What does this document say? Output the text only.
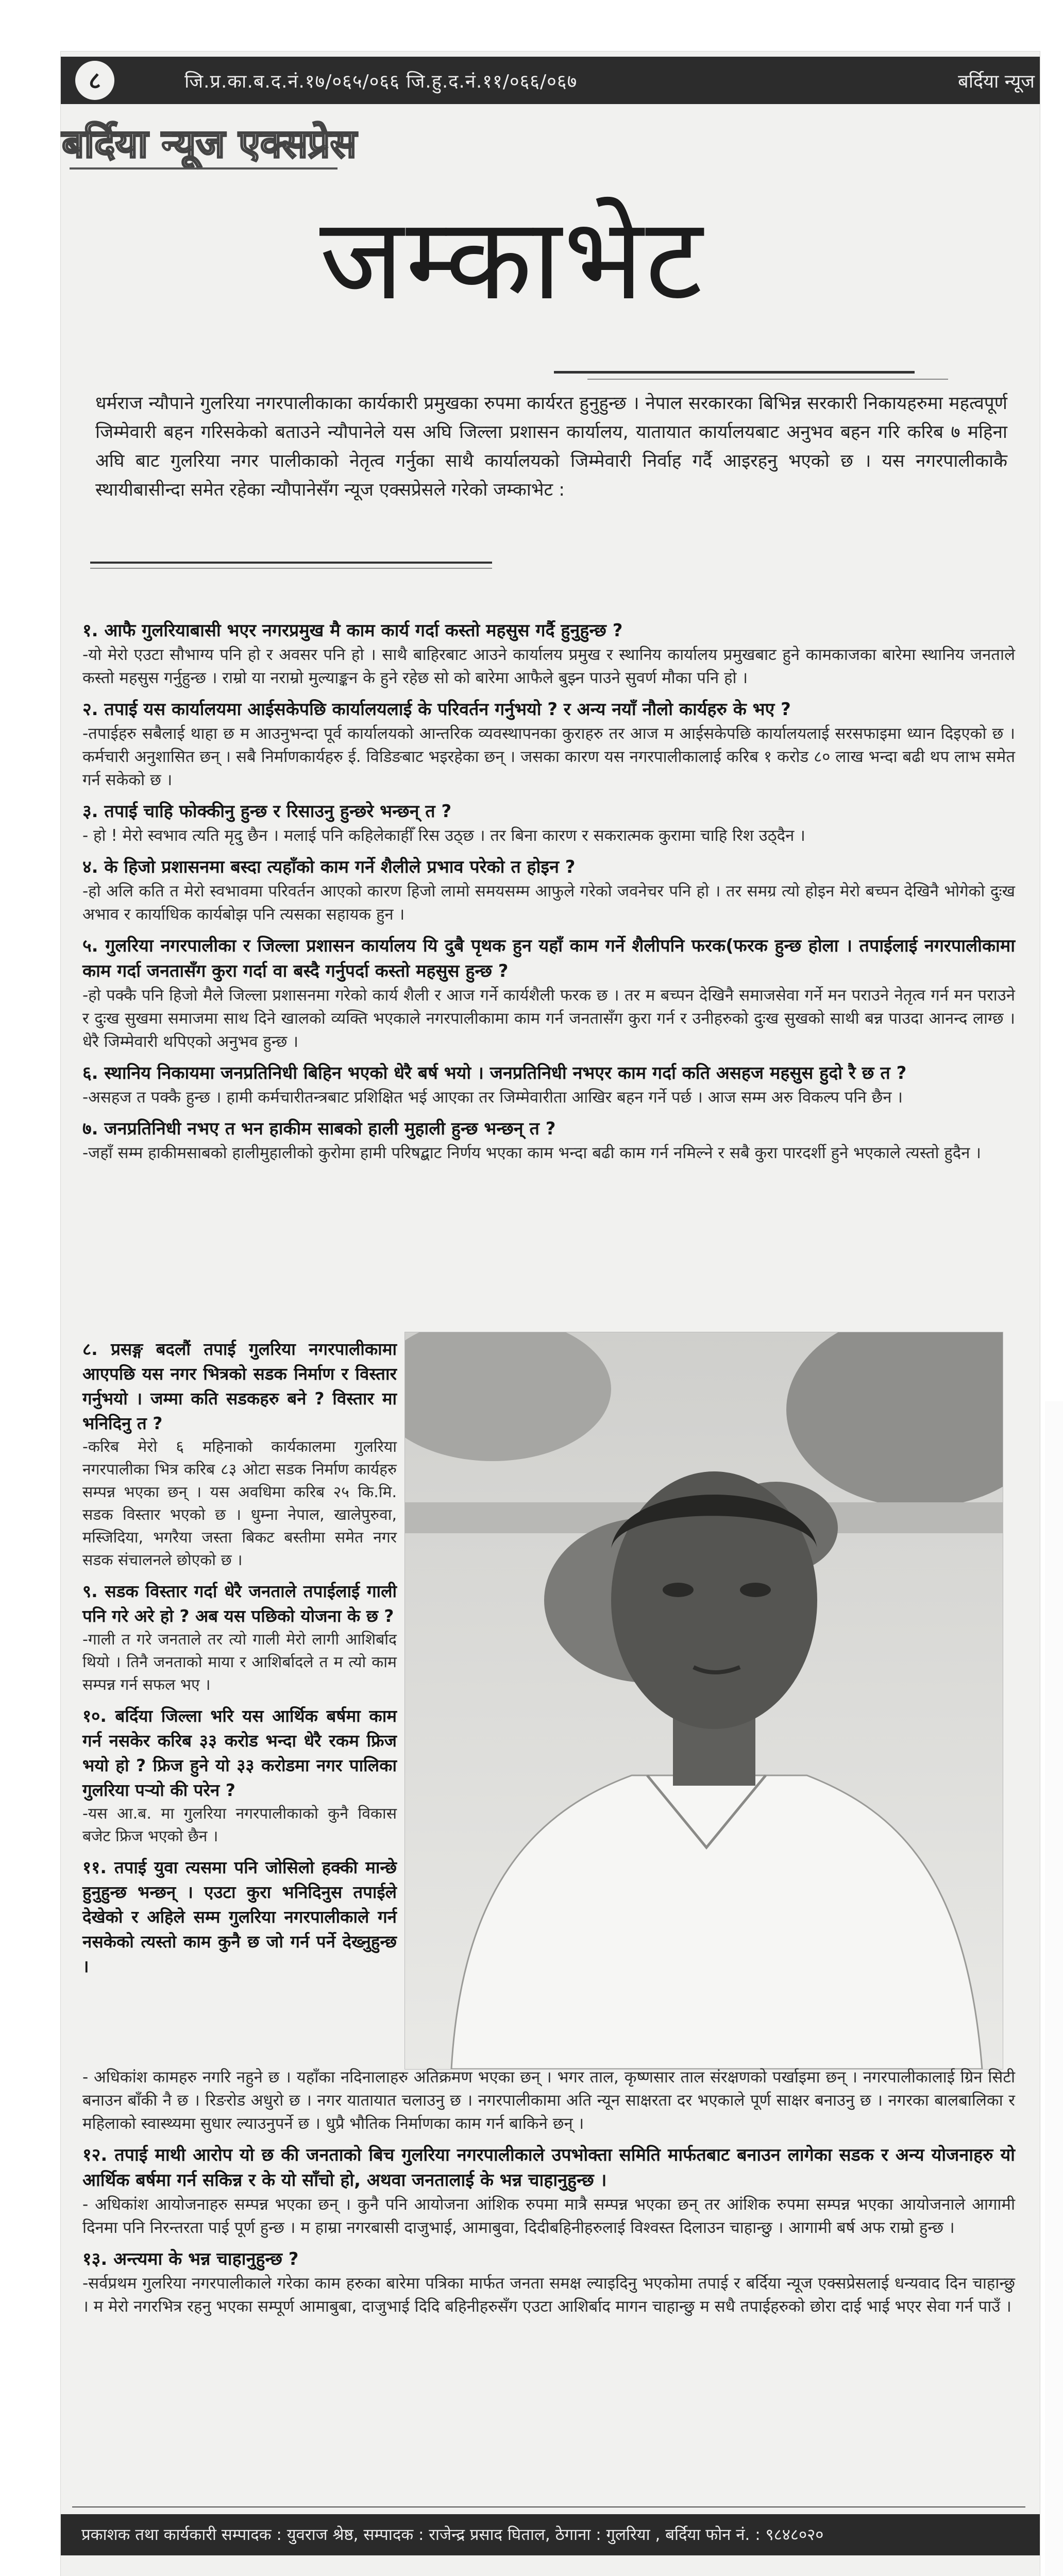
८	जि.प्र.का.ब.द.नं.१७/०६५/०६६ जि.हु.द.नं.११/०६६/०६७	बर्दिया न्यूज
बर्दिया न्यूज एक्सप्रेस
जम्काभेट
धर्मराज न्यौपाने गुलरिया नगरपालीकाका कार्यकारी प्रमुखका रुपमा कार्यरत हुनुहुन्छ । नेपाल सरकारका बिभिन्न सरकारी निकायहरुमा महत्वपूर्ण जिम्मेवारी बहन गरिसकेको बताउने न्यौपानेले यस अघि जिल्ला प्रशासन कार्यालय, यातायात कार्यालयबाट अनुभव बहन गरि करिब ७ महिना अघि बाट गुलरिया नगर पालीकाको नेतृत्व गर्नुका साथै कार्यालयको जिम्मेवारी निर्वाह गर्दै आइरहनु भएको छ । यस नगरपालीकाकै स्थायीबासीन्दा समेत रहेका न्यौपानेसँग न्यूज एक्सप्रेसले गरेको जम्काभेट :

१. आफै गुलरियाबासी भएर नगरप्रमुख मै काम कार्य गर्दा कस्तो महसुस गर्दै हुनुहुन्छ ?

-यो मेरो एउटा सौभाग्य पनि हो र अवसर पनि हो । साथै बाहिरबाट आउने कार्यालय प्रमुख र स्थानिय कार्यालय प्रमुखबाट हुने कामकाजका बारेमा स्थानिय जनताले कस्तो महसुस गर्नुहुन्छ । राम्रो या नराम्रो मुल्याङ्कन के हुने रहेछ सो को बारेमा आफैले बुझ्न पाउने सुवर्ण मौका पनि हो ।

२. तपाई यस कार्यालयमा आईसकेपछि कार्यालयलाई के परिवर्तन गर्नुभयो ? र अन्य नयाँ नौलो कार्यहरु के भए ?

-तपाईहरु सबैलाई थाहा छ म आउनुभन्दा पूर्व कार्यालयको आन्तरिक व्यवस्थापनका कुराहरु तर आज म आईसकेपछि कार्यालयलाई सरसफाइमा ध्यान दिइएको छ । कर्मचारी अनुशासित छन् । सबै निर्माणकार्यहरु ई. विडिङबाट भइरहेका छन् । जसका कारण यस नगरपालीकालाई करिब १ करोड ८० लाख भन्दा बढी थप लाभ समेत गर्न सकेको छ ।

३. तपाई चाहि फोक्कीनु हुन्छ र रिसाउनु हुन्छरे भन्छन् त ?

- हो ! मेरो स्वभाव त्यति मृदु छैन । मलाई पनि कहिलेकाहीँ रिस उठ्छ । तर बिना कारण र सकरात्मक कुरामा चाहि रिश उठ्दैन ।

४. के हिजो प्रशासनमा बस्दा त्यहाँको काम गर्ने शैलीले प्रभाव परेको त होइन ?

-हो अलि कति त मेरो स्वभावमा परिवर्तन आएको कारण हिजो लामो समयसम्म आफुले गरेको जवनेचर पनि हो । तर समग्र त्यो होइन मेरो बच्पन देखिनै भोगेको दुःख अभाव र कार्याधिक कार्यबोझ पनि त्यसका सहायक हुन ।

५. गुलरिया नगरपालीका र जिल्ला प्रशासन कार्यालय यि दुबै पृथक हुन यहाँ काम गर्ने शैलीपनि फरक(फरक हुन्छ होला । तपाईलाई नगरपालीकामा काम गर्दा जनतासँग कुरा गर्दा वा बस्दै गर्नुपर्दा कस्तो महसुस हुन्छ ?

-हो पक्कै पनि हिजो मैले जिल्ला प्रशासनमा गरेको कार्य शैली र आज गर्ने कार्यशैली फरक छ । तर म बच्पन देखिनै समाजसेवा गर्ने मन पराउने नेतृत्व गर्न मन पराउने र दुःख सुखमा समाजमा साथ दिने खालको व्यक्ति भएकाले नगरपालीकामा काम गर्न जनतासँग कुरा गर्न र उनीहरुको दुःख सुखको साथी बन्न पाउदा आनन्द लाग्छ । धेरै जिम्मेवारी थपिएको अनुभव हुन्छ ।

६. स्थानिय निकायमा जनप्रतिनिधी बिहिन भएको धेरै बर्ष भयो । जनप्रतिनिधी नभएर काम गर्दा कति असहज महसुस हुदो रै छ त ?

-असहज त पक्कै हुन्छ । हामी कर्मचारीतन्त्रबाट प्रशिक्षित भई आएका तर जिम्मेवारीता आखिर बहन गर्ने पर्छ । आज सम्म अरु विकल्प पनि छैन ।

७. जनप्रतिनिधी नभए त भन हाकीम साबको हाली मुहाली हुन्छ भन्छन् त ?

-जहाँ सम्म हाकीमसाबको हालीमुहालीको कुरोमा हामी परिषद्बाट निर्णय भएका काम भन्दा बढी काम गर्न नमिल्ने र सबै कुरा पारदर्शी हुने भएकाले त्यस्तो हुदैन ।

८. प्रसङ्ग बदलौं तपाई गुलरिया नगरपालीकामा आएपछि यस नगर भित्रको सडक निर्माण र विस्तार गर्नुभयो । जम्मा कति सडकहरु बने ? विस्तार मा भनिदिनु त ?

-करिब मेरो ६ महिनाको कार्यकालमा गुलरिया नगरपालीका भित्र करिब ८३ ओटा सडक निर्माण कार्यहरु सम्पन्न भएका छन् । यस अवधिमा करिब २५ कि.मि. सडक विस्तार भएको छ । धुम्ना नेपाल, खालेपुरुवा, मस्जिदिया, भगरैया जस्ता बिकट बस्तीमा समेत नगर सडक संचालनले छोएको छ ।

९. सडक विस्तार गर्दा धेरै जनताले तपाईलाई गाली पनि गरे अरे हो ? अब यस पछिको योजना के छ ?

-गाली त गरे जनताले तर त्यो गाली मेरो लागी आशिर्बाद थियो । तिनै जनताको माया र आशिर्बादले त म त्यो काम सम्पन्न गर्न सफल भए ।

१०. बर्दिया जिल्ला भरि यस आर्थिक बर्षमा काम गर्न नसकेर करिब ३३ करोड भन्दा धेरै रकम फ्रिज भयो हो ? फ्रिज हुने यो ३३ करोडमा नगर पालिका गुलरिया पऱ्यो की परेन ?

-यस आ.ब. मा गुलरिया नगरपालीकाको कुनै विकास बजेट फ्रिज भएको छैन ।

११. तपाई युवा त्यसमा पनि जोसिलो हक्की मान्छे हुनुहुन्छ भन्छन् । एउटा कुरा भनिदिनुस तपाईले देखेको र अहिले सम्म गुलरिया नगरपालीकाले गर्न नसकेको त्यस्तो काम कुनै छ जो गर्न पर्ने देख्नुहुन्छ ।

- अधिकांश कामहरु नगरि नहुने छ । यहाँका नदिनालाहरु अतिक्रमण भएका छन् । भगर ताल, कृष्णसार ताल संरक्षणको पर्खाइमा छन् । नगरपालीकालाई ग्रिन सिटी बनाउन बाँकी नै छ । रिङरोड अधुरो छ । नगर यातायात चलाउनु छ । नगरपालीकामा अति न्यून साक्षरता दर भएकाले पूर्ण साक्षर बनाउनु छ । नगरका बालबालिका र महिलाको स्वास्थ्यमा सुधार ल्याउनुपर्ने छ । धुप्रै भौतिक निर्माणका काम गर्न बाकिने छन् ।

१२. तपाई माथी आरोप यो छ की जनताको बिच गुलरिया नगरपालीकाले उपभोक्ता समिति मार्फतबाट बनाउन लागेका सडक र अन्य योजनाहरु यो आर्थिक बर्षमा गर्न सकिन्न र के यो साँचो हो, अथवा जनतालाई के भन्न चाहानुहुन्छ ।

- अधिकांश आयोजनाहरु सम्पन्न भएका छन् । कुनै पनि आयोजना आंशिक रुपमा मात्रै सम्पन्न भएका छन् तर आंशिक रुपमा सम्पन्न भएका आयोजनाले आगामी दिनमा पनि निरन्तरता पाई पूर्ण हुन्छ । म हाम्रा नगरबासी दाजुभाई, आमाबुवा, दिदीबहिनीहरुलाई विश्वस्त दिलाउन चाहान्छु । आगामी बर्ष अफ राम्रो हुन्छ ।

१३. अन्त्यमा के भन्न चाहानुहुन्छ ?

-सर्वप्रथम गुलरिया नगरपालीकाले गरेका काम हरुका बारेमा पत्रिका मार्फत जनता समक्ष ल्याइदिनु भएकोमा तपाई र बर्दिया न्यूज एक्सप्रेसलाई धन्यवाद दिन चाहान्छु । म मेरो नगरभित्र रहनु भएका सम्पूर्ण आमाबुबा, दाजुभाई दिदि बहिनीहरुसँग एउटा आशिर्बाद मागन चाहान्छु म सधै तपाईहरुको छोरा दाई भाई भएर सेवा गर्न पाउँ ।

प्रकाशक तथा कार्यकारी सम्पादक : युवराज श्रेष्ठ, सम्पादक : राजेन्द्र प्रसाद घिताल, ठेगाना : गुलरिया , बर्दिया फोन नं. : ९८४८०२०
